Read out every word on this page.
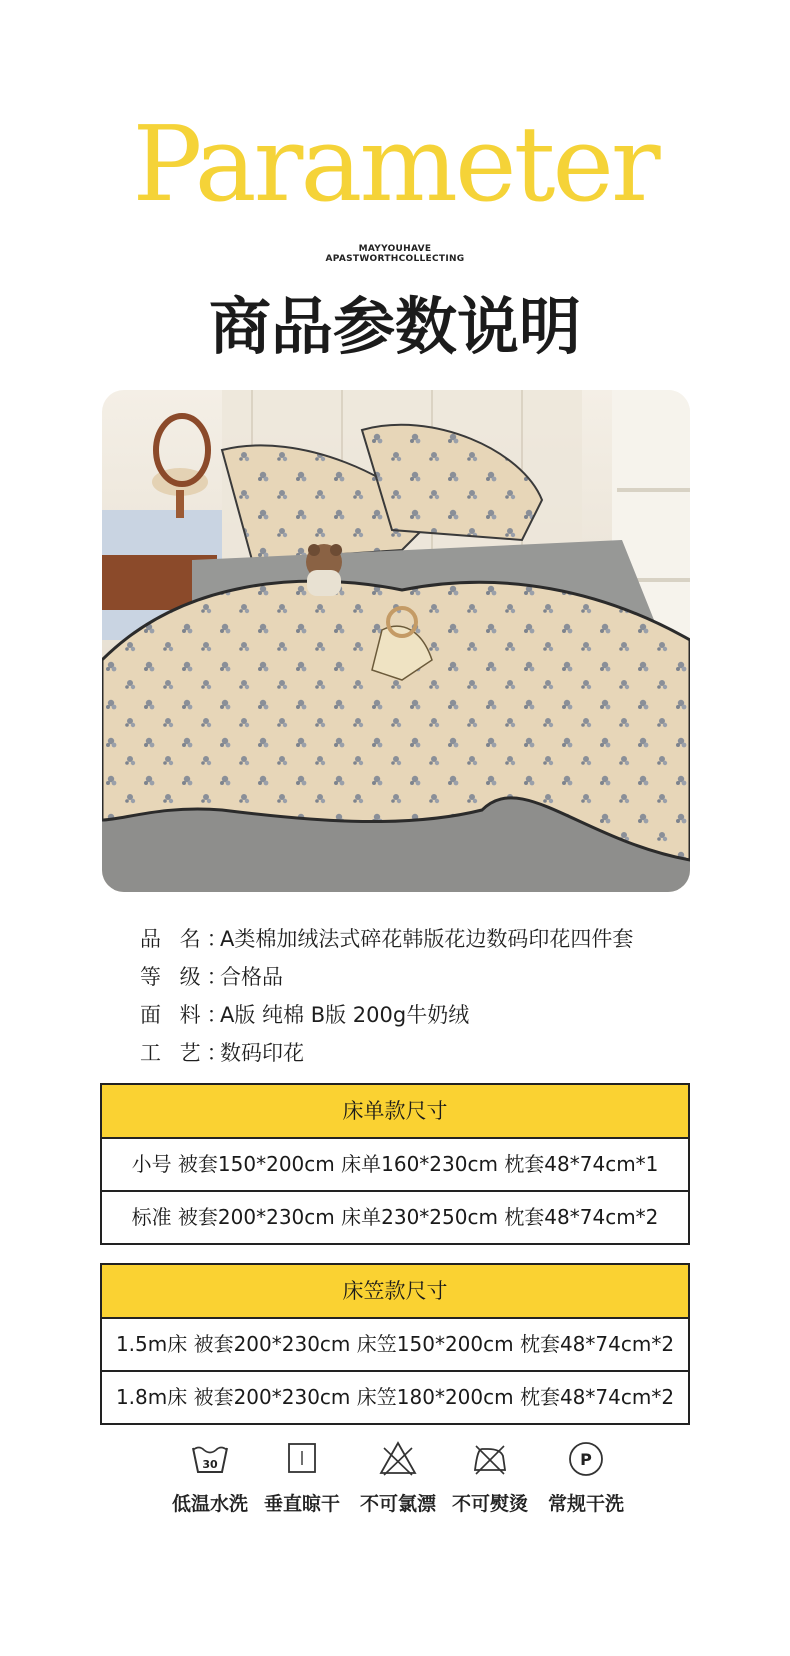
Parameter
MAYYOUHAVE
APASTWORTHCOLLECTING
商品参数说明
品 名：A类棉加绒法式碎花韩版花边数码印花四件套
等 级：合格品
面 料：A版 纯棉 B版 200g牛奶绒
工 艺：数码印花
床单款尺寸
小号 被套150*200cm 床单160*230cm 枕套48*74cm*1
标准 被套200*230cm 床单230*250cm 枕套48*74cm*2
床笠款尺寸
1.5m床 被套200*230cm 床笠150*200cm 枕套48*74cm*2
1.8m床 被套200*230cm 床笠180*200cm 枕套48*74cm*2
30
低温水洗 垂直晾干	不可氯漂 不可熨烫
P
常规干洗
